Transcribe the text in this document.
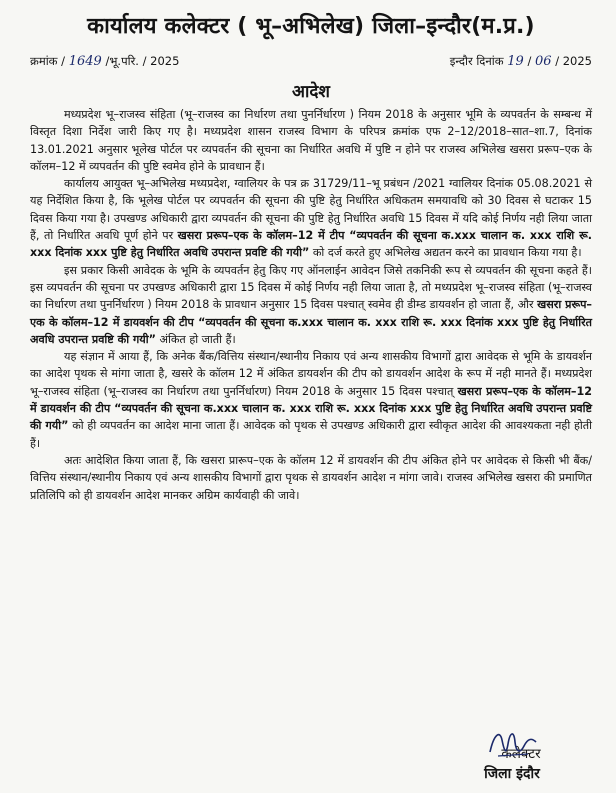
कार्यालय कलेक्टर ( भू–अभिलेख) जिला–इन्दौर(म.प्र.)
क्रमांक / 1649 /भू.परि. / 2025	इन्दौर दिनांक 19 / 06 / 2025
आदेश

मध्यप्रदेश भू–राजस्व संहिता (भू–राजस्व का निर्धारण तथा पुनर्निर्धारण ) नियम 2018 के अनुसार भूमि के व्यपवर्तन के सम्बन्ध में विस्तृत दिशा निर्देश जारी किए गए है। मध्यप्रदेश शासन राजस्व विभाग के परिपत्र क्रमांक एफ 2–12/2018–सात–शा.7, दिनांक 13.01.2021 अनुसार भूलेख पोर्टल पर व्यपवर्तन की सूचना का निर्धारित अवधि में पुष्टि न होने पर राजस्व अभिलेख खसरा प्ररूप–एक के कॉलम–12 में व्यपवर्तन की पुष्टि स्वमेव होने के प्रावधान हैं।

कार्यालय आयुक्त भू–अभिलेख मध्यप्रदेश, ग्वालियर के पत्र क्र 31729/11–भू प्रबंधन /2021 ग्वालियर दिनांक 05.08.2021 से यह निर्देशित किया है, कि भूलेख पोर्टल पर व्यपवर्तन की सूचना की पुष्टि हेतु निर्धारित अधिकतम समयावधि को 30 दिवस से घटाकर 15 दिवस किया गया है। उपखण्ड अधिकारी द्वारा व्यपवर्तन की सूचना की पुष्टि हेतु निर्धारित अवधि 15 दिवस में यदि कोई निर्णय नही लिया जाता हैं, तो निर्धारित अवधि पूर्ण होने पर खसरा प्ररूप–एक के कॉलम–12 में टीप “व्यपवर्तन की सूचना क.xxx चालान क. xxx राशि रू. xxx दिनांक xxx पुष्टि हेतु निर्धारित अवधि उपरान्त प्रवष्टि की गयी” को दर्ज करते हुए अभिलेख अद्यतन करने का प्रावधान किया गया है।

इस प्रकार किसी आवेदक के भूमि के व्यपवर्तन हेतु किए गए ऑनलाईन आवेदन जिसे तकनिकी रूप से व्यपवर्तन की सूचना कहते हैं। इस व्यपवर्तन की सूचना पर उपखण्ड अधिकारी द्वारा 15 दिवस में कोई निर्णय नही लिया जाता है, तो मध्यप्रदेश भू–राजस्व संहिता (भू–राजस्व का निर्धारण तथा पुनर्निर्धारण ) नियम 2018 के प्रावधान अनुसार 15 दिवस पश्चात् स्वमेव ही डीम्ड डायवर्शन हो जाता हैं, और खसरा प्ररूप–एक के कॉलम–12 में डायवर्शन की टीप “व्यपवर्तन की सूचना क.xxx चालान क. xxx राशि रू. xxx दिनांक xxx पुष्टि हेतु निर्धारित अवधि उपरान्त प्रवष्टि की गयी” अंकित हो जाती हैं।

यह संज्ञान में आया हैं, कि अनेक बैंक/वित्तिय संस्थान/स्थानीय निकाय एवं अन्य शासकीय विभागों द्वारा आवेदक से भूमि के डायवर्शन का आदेश पृथक से मांगा जाता है, खसरे के कॉलम 12 में अंकित डायवर्शन की टीप को डायवर्शन आदेश के रूप में नही मानते हैं। मध्यप्रदेश भू–राजस्व संहिता (भू–राजस्व का निर्धारण तथा पुनर्निर्धारण) नियम 2018 के अनुसार 15 दिवस पश्चात् खसरा प्ररूप–एक के कॉलम–12 में डायवर्शन की टीप “व्यपवर्तन की सूचना क.xxx चालान क. xxx राशि रू. xxx दिनांक xxx पुष्टि हेतु निर्धारित अवधि उपरान्त प्रवष्टि की गयी” को ही व्यपवर्तन का आदेश माना जाता हैं। आवेदक को पृथक से उपखण्ड अधिकारी द्वारा स्वीकृत आदेश की आवश्यकता नही होती हैं।

अतः आदेशित किया जाता हैं, कि खसरा प्रारूप–एक के कॉलम 12 में डायवर्शन की टीप अंकित होने पर आवेदक से किसी भी बैंक/वित्तिय संस्थान/स्थानीय निकाय एवं अन्य शासकीय विभागों द्वारा पृथक से डायवर्शन आदेश न मांगा जावे। राजस्व अभिलेख खसरा की प्रमाणित प्रतिलिपि को ही डायवर्शन आदेश मानकर अग्रिम कार्यवाही की जावे।

कलेक्टर
जिला इंदौर
